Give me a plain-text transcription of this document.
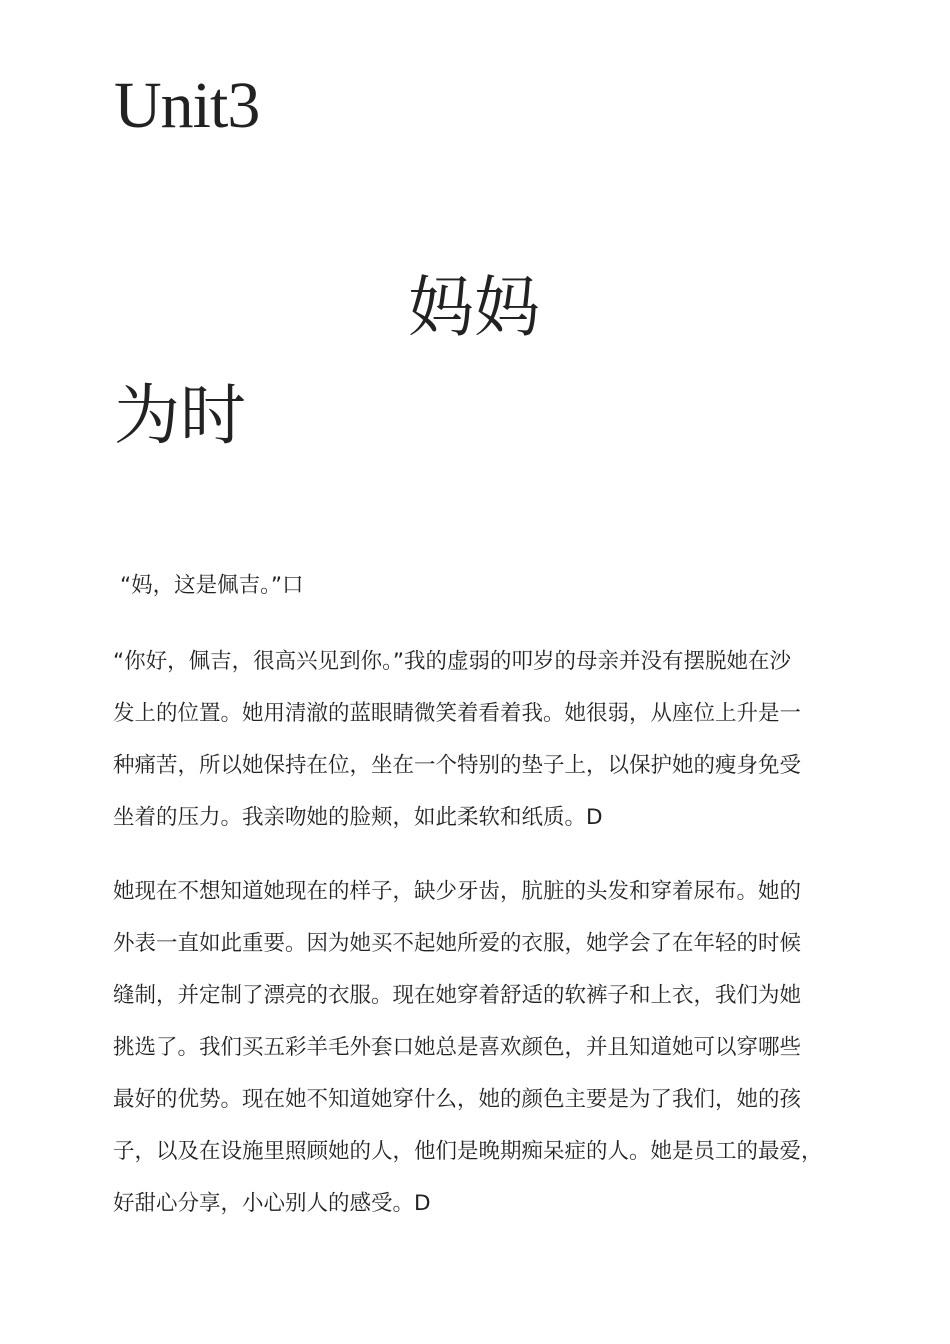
Unit3
妈妈
为时

“妈，这是佩吉。”口

“你好，佩吉，很高兴见到你。”我的虚弱的叩岁的母亲并没有摆脱她在沙
发上的位置。她用清澈的蓝眼睛微笑着看着我。她很弱，从座位上升是一
种痛苦，所以她保持在位，坐在一个特别的垫子上，以保护她的瘦身免受
坐着的压力。我亲吻她的脸颊，如此柔软和纸质。D

她现在不想知道她现在的样子，缺少牙齿，肮脏的头发和穿着尿布。她的
外表一直如此重要。因为她买不起她所爱的衣服，她学会了在年轻的时候
缝制，并定制了漂亮的衣服。现在她穿着舒适的软裤子和上衣，我们为她
挑选了。我们买五彩羊毛外套口她总是喜欢颜色，并且知道她可以穿哪些
最好的优势。现在她不知道她穿什么，她的颜色主要是为了我们，她的孩
子，以及在设施里照顾她的人，他们是晚期痴呆症的人。她是员工的最爱，
好甜心分享，小心别人的感受。D
